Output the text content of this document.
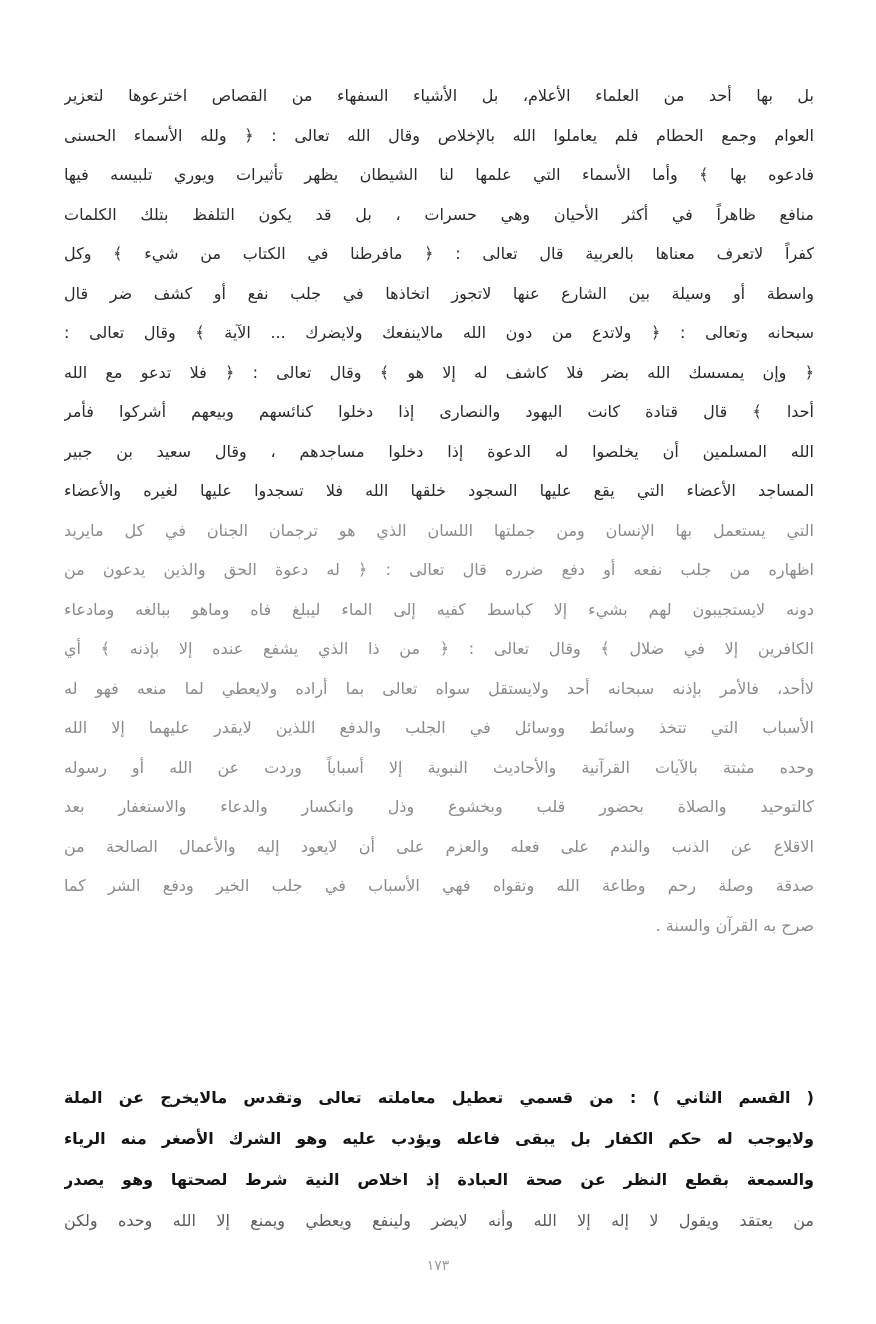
بل بها أحد من العلماء الأعلام، بل الأشياء السفهاء من القصاص اخترعوها لتعزير
العوام وجمع الحطام فلم يعاملوا الله بالإخلاص وقال الله تعالى : ﴿ ولله الأسماء الحسنى
فادعوه بها ﴾ وأما الأسماء التي علمها لنا الشيطان يظهر تأثيرات ويوري تلبيسه فيها
منافع ظاهراً في أكثر الأحيان وهي حسرات ، بل قد يكون التلفظ بتلك الكلمات
كفراً لاتعرف معناها بالعربية قال تعالى : ﴿ مافرطنا في الكتاب من شيء ﴾ وكل
واسطة أو وسيلة بين الشارع عنها لاتجوز اتخاذها في جلب نفع أو كشف ضر قال
سبحانه وتعالى : ﴿ ولاتدع من دون الله مالاينفعك ولايضرك ... الآية ﴾ وقال تعالى :
﴿ وإن يمسسك الله بضر فلا كاشف له إلا هو ﴾ وقال تعالى : ﴿ فلا تدعو مع الله
أحدا ﴾ قال قتادة كانت اليهود والنصارى إذا دخلوا كنائسهم وبيعهم أشركوا فأمر
الله المسلمين أن يخلصوا له الدعوة إذا دخلوا مساجدهم ، وقال سعيد بن جبير
المساجد الأعضاء التي يقع عليها السجود خلقها الله فلا تسجدوا عليها لغيره والأعضاء
التي يستعمل بها الإنسان ومن جملتها اللسان الذي هو ترجمان الجنان في كل مايريد
اظهاره من جلب نفعه أو دفع ضرره قال تعالى : ﴿ له دعوة الحق والذين يدعون من
دونه لايستجيبون لهم بشيء إلا كباسط كفيه إلى الماء ليبلغ فاه وماهو ببالغه ومادعاء
الكافرين إلا في ضلال ﴾ وقال تعالى : ﴿ من ذا الذي يشفع عنده إلا بإذنه ﴾ أي
لاأحد، فالأمر بإذنه سبحانه أحد ولايستقل سواه تعالى بما أراده ولايعطي لما منعه فهو له
الأسباب التي تتخذ وسائط ووسائل في الجلب والدفع اللذين لايقدر عليهما إلا الله
وحده مثبتة بالآيات القرآنية والأحاديث النبوية إلا أسباباً وردت عن الله أو رسوله
كالتوحيد والصلاة بحضور قلب وبخشوع وذل وانكسار والدعاء والاستغفار بعد
الاقلاع عن الذنب والندم على فعله والعزم على أن لايعود إليه والأعمال الصالحة من
صدقة وصلة رحم وطاعة الله وتقواه فهي الأسباب في جلب الخير ودفع الشر كما
صرح به القرآن والسنة .
( القسم الثاني ) : من قسمي تعطيل معاملته تعالى وتقدس مالايخرج عن الملة
ولايوجب له حكم الكفار بل يبقى فاعله ويؤدب عليه وهو الشرك الأصغر منه الرياء
والسمعة بقطع النظر عن صحة العبادة إذ اخلاص النية شرط لصحتها وهو يصدر
من يعتقد ويقول لا إله إلا الله وأنه لايضر ولينفع ويعطي ويمنع إلا الله وحده ولكن
١٧٣
